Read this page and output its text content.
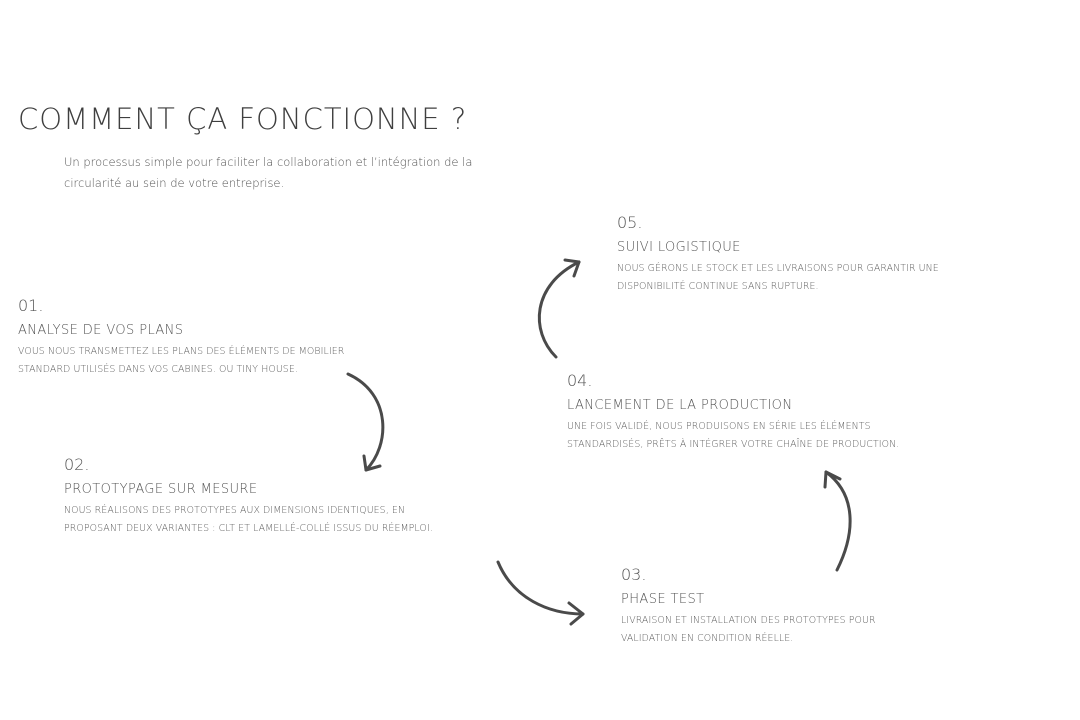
COMMENT ÇA FONCTIONNE ?

Un processus simple pour faciliter la collaboration et l’intégration de la circularité au sein de votre entreprise.

01.
ANALYSE DE VOS PLANS

VOUS NOUS TRANSMETTEZ LES PLANS DES ÉLÉMENTS DE MOBILIER
STANDARD UTILISÉS DANS VOS CABINES. OU TINY HOUSE.

02.
PROTOTYPAGE SUR MESURE

NOUS RÉALISONS DES PROTOTYPES AUX DIMENSIONS IDENTIQUES, EN
PROPOSANT DEUX VARIANTES : CLT ET LAMELLÉ-COLLÉ ISSUS DU RÉEMPLOI.

03.
PHASE TEST

LIVRAISON ET INSTALLATION DES PROTOTYPES POUR
VALIDATION EN CONDITION RÉELLE.

04.
LANCEMENT DE LA PRODUCTION

UNE FOIS VALIDÉ, NOUS PRODUISONS EN SÉRIE LES ÉLÉMENTS
STANDARDISÉS, PRÊTS À INTÉGRER VOTRE CHAÎNE DE PRODUCTION.

05.
SUIVI LOGISTIQUE

NOUS GÉRONS LE STOCK ET LES LIVRAISONS POUR GARANTIR UNE
DISPONIBILITÉ CONTINUE SANS RUPTURE.
